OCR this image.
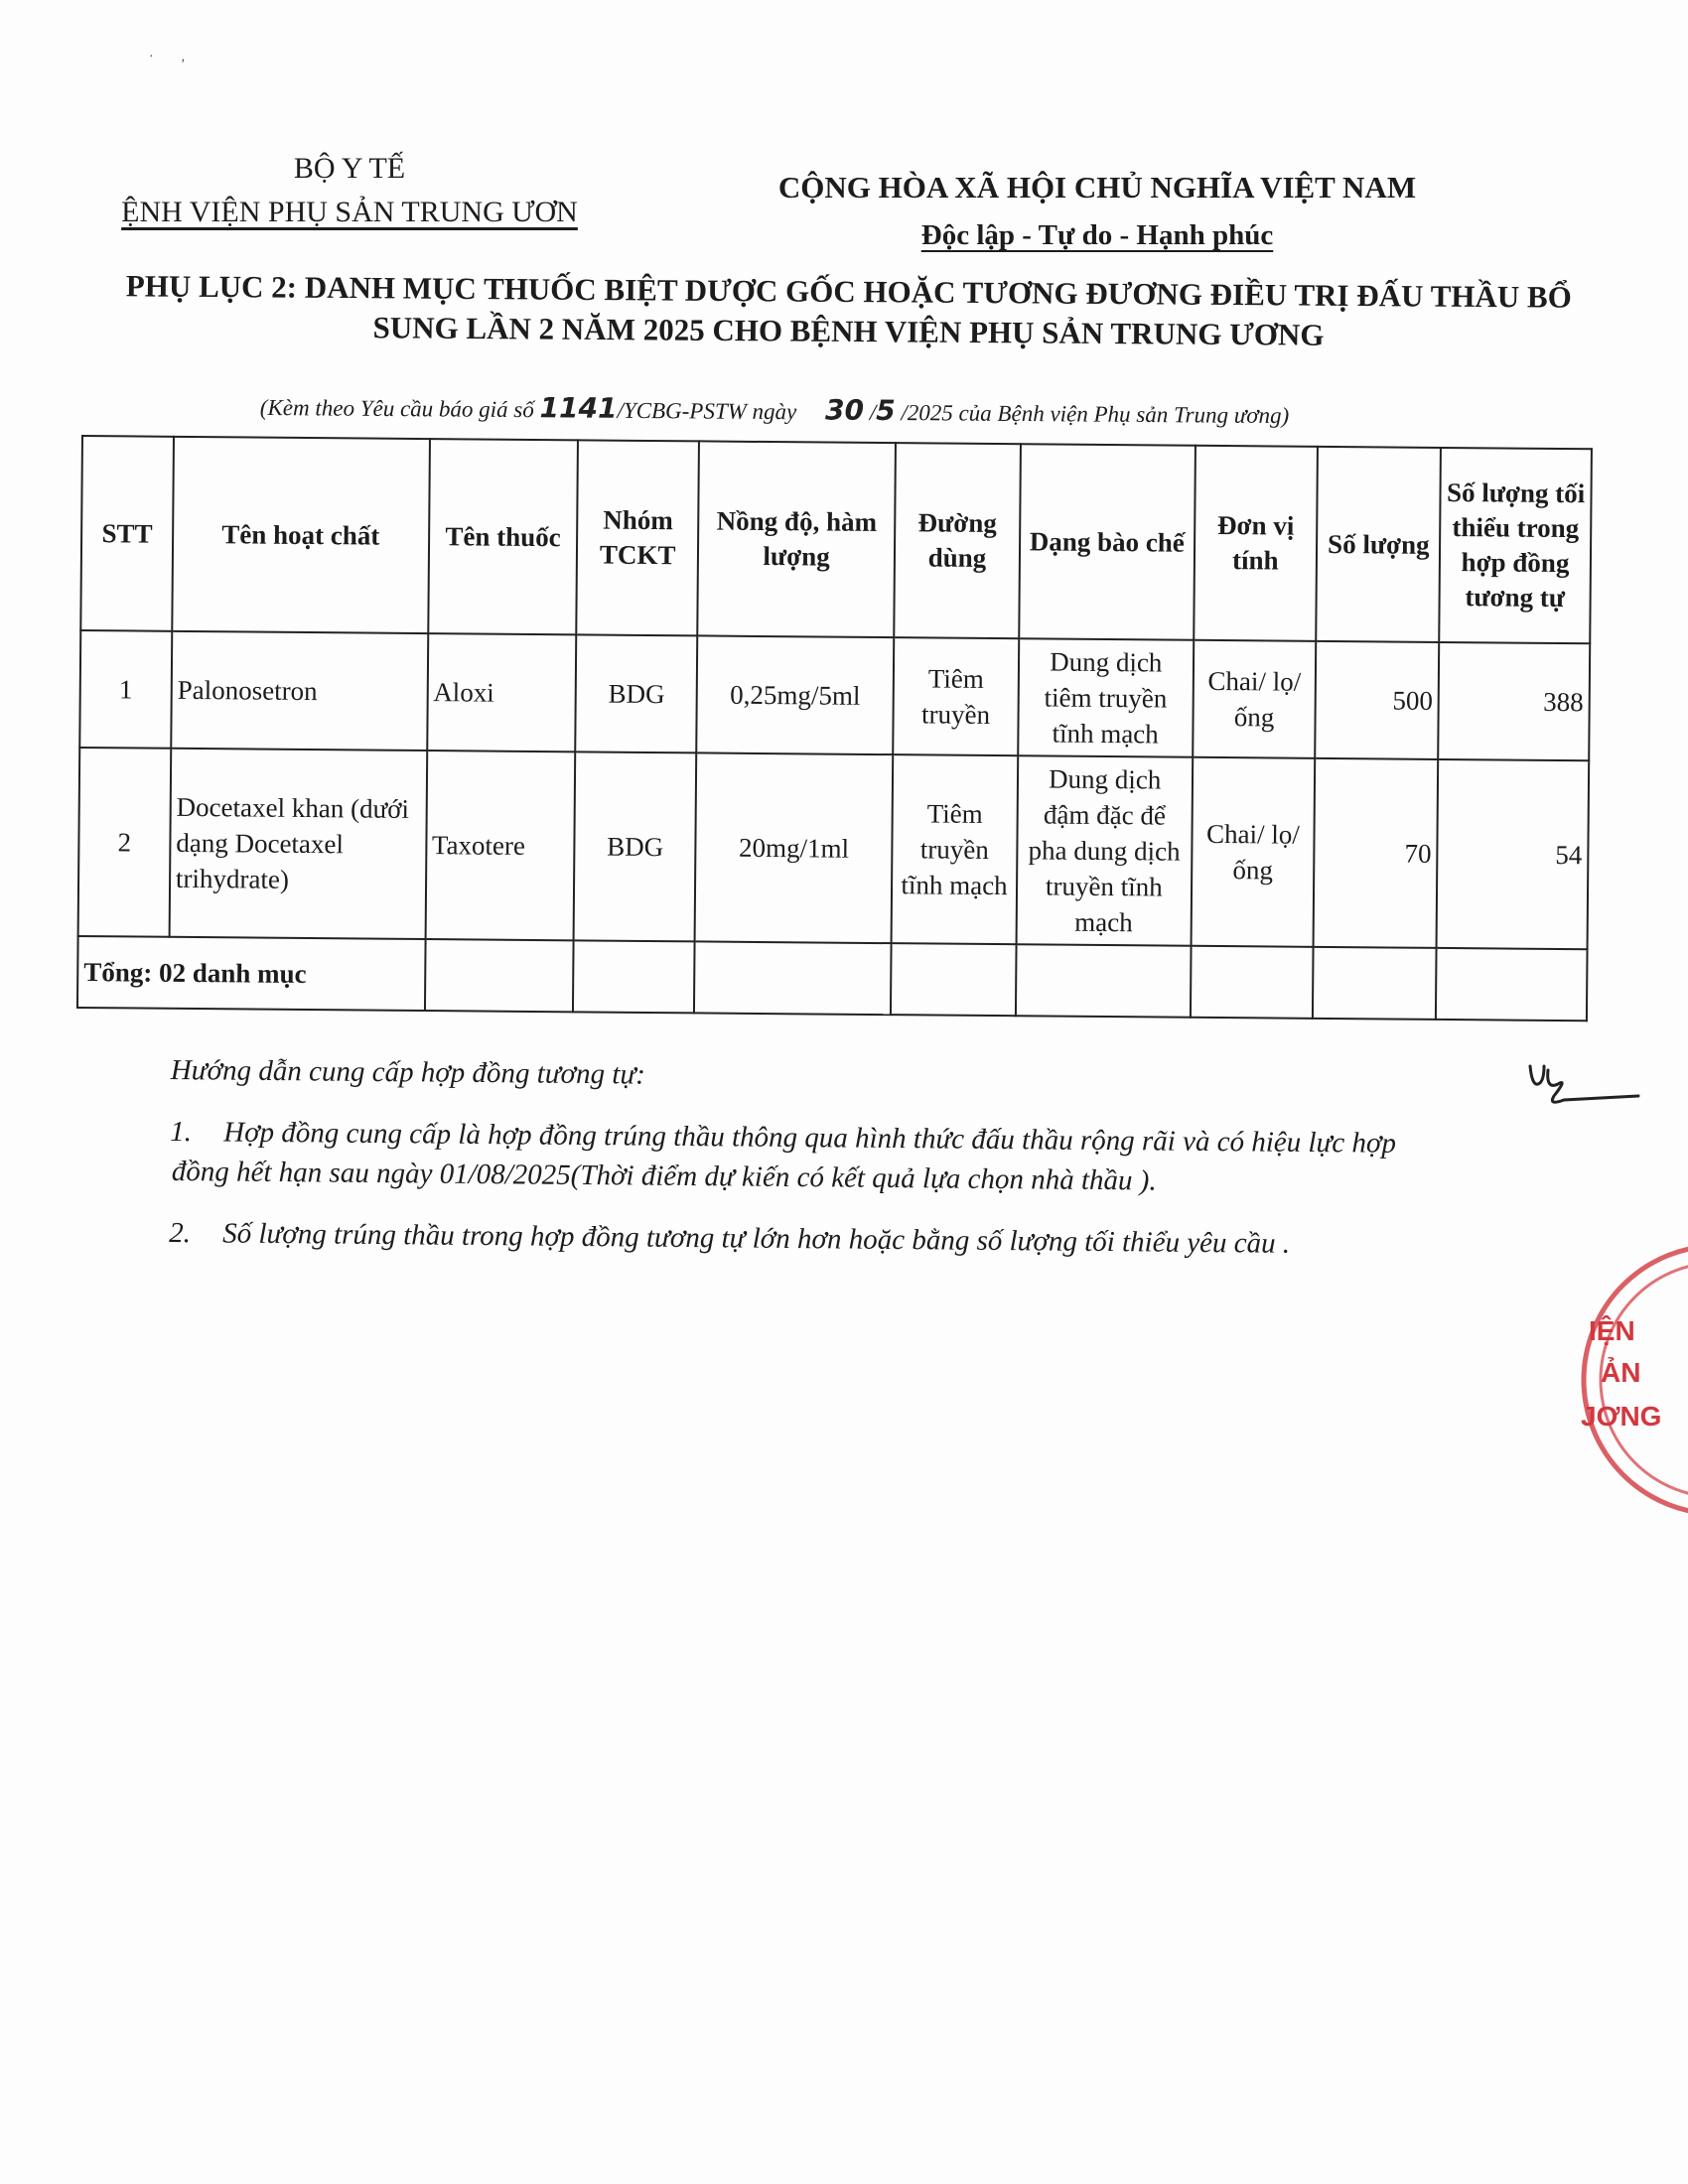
·        ,
BỘ Y TẾ
ỆNH VIỆN PHỤ SẢN TRUNG ƯƠN
CỘNG HÒA XÃ HỘI CHỦ NGHĨA VIỆT NAM
Độc lập - Tự do - Hạnh phúc
PHỤ LỤC 2: DANH MỤC THUỐC BIỆT DƯỢC GỐC HOẶC TƯƠNG ĐƯƠNG ĐIỀU TRỊ ĐẤU THẦU BỔ
SUNG LẦN 2 NĂM 2025 CHO BỆNH VIỆN PHỤ SẢN TRUNG ƯƠNG
(Kèm theo Yêu cầu báo giá số 1141/YCBG-PSTW ngày     30 /5 /2025 của Bệnh viện Phụ sản Trung ương)
STT	Tên hoạt chất	Tên thuốc	Nhóm TCKT	Nồng độ, hàm lượng	Đường dùng	Dạng bào chế	Đơn vị tính	Số lượng	Số lượng tối thiểu trong hợp đồng tương tự
1	Palonosetron	Aloxi	BDG	0,25mg/5ml	Tiêm truyền	Dung dịch tiêm truyền tĩnh mạch	Chai/ lọ/ ống	500	388
2	Docetaxel khan (dưới dạng Docetaxel trihydrate)	Taxotere	BDG	20mg/1ml	Tiêm truyền tĩnh mạch	Dung dịch đậm đặc để pha dung dịch truyền tĩnh mạch	Chai/ lọ/ ống	70	54
Tổng: 02 danh mục									

Hướng dẫn cung cấp hợp đồng tương tự:

1. Hợp đồng cung cấp là hợp đồng trúng thầu thông qua hình thức đấu thầu rộng rãi và có hiệu lực hợp
đồng hết hạn sau ngày 01/08/2025(Thời điểm dự kiến có kết quả lựa chọn nhà thầu ).

2. Số lượng trúng thầu trong hợp đồng tương tự lớn hơn hoặc bằng số lượng tối thiểu yêu cầu .

IỆN
ẢN
JƠNG
